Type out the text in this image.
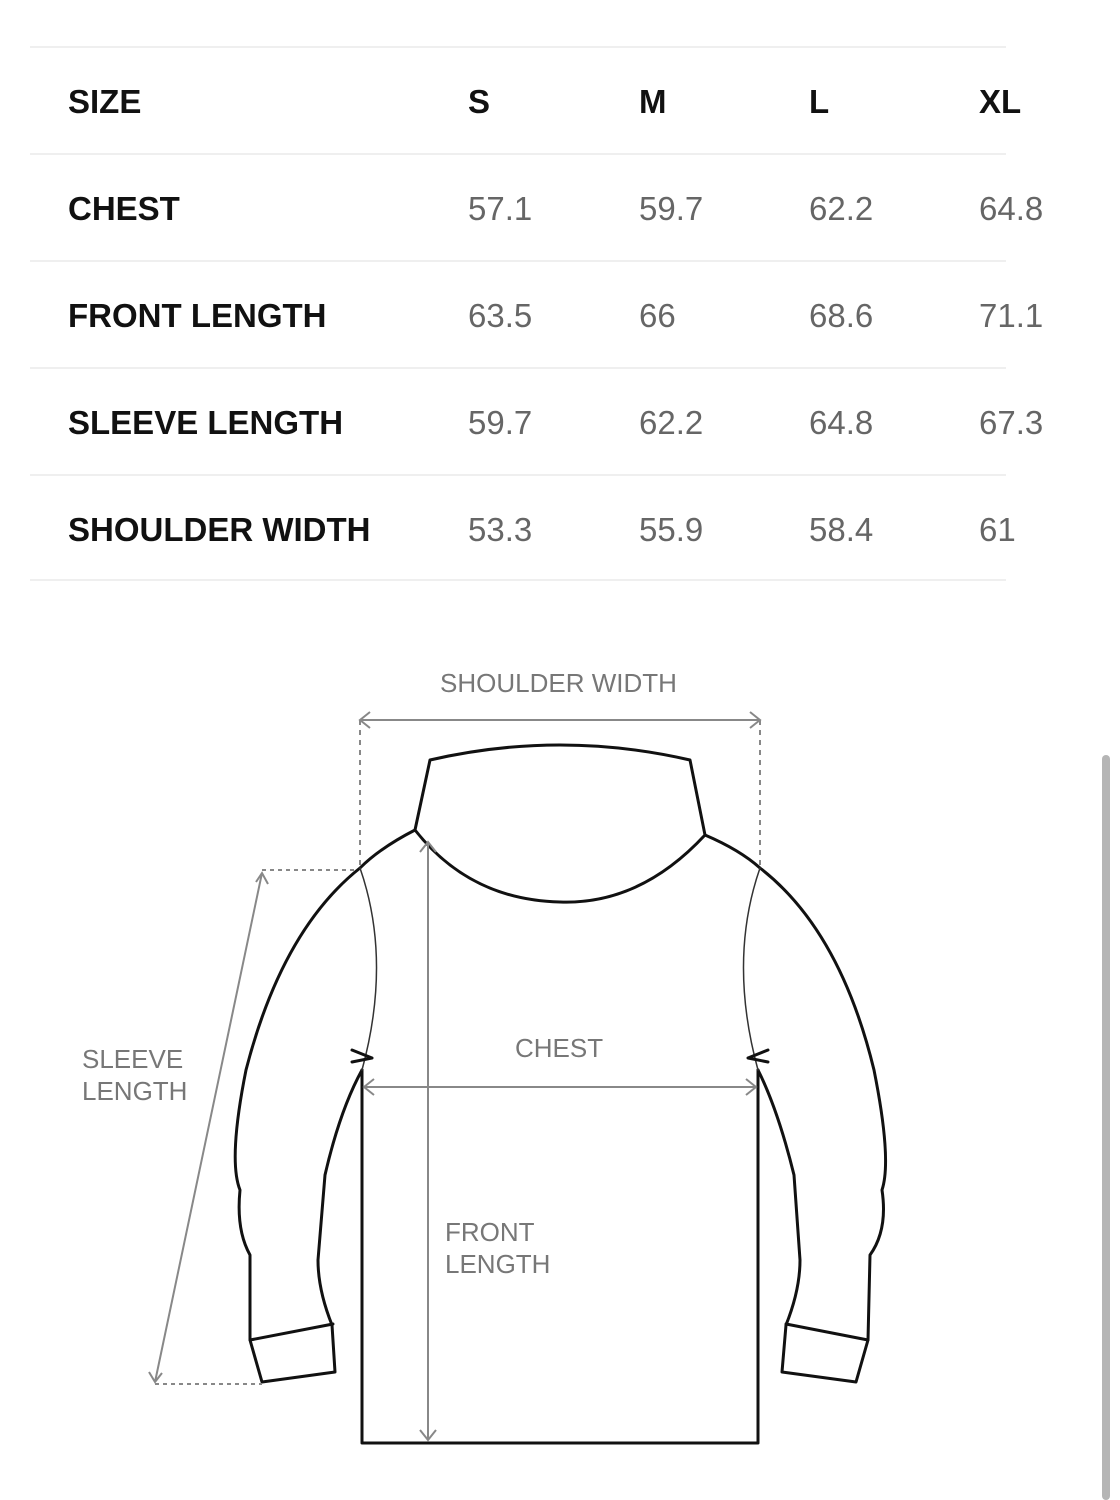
SIZE	S	M	L	XL
CHEST	57.1	59.7	62.2	64.8
FRONT LENGTH	63.5	66	68.6	71.1
SLEEVE LENGTH	59.7	62.2	64.8	67.3
SHOULDER WIDTH	53.3	55.9	58.4	61
SHOULDER WIDTH
CHEST
SLEEVE
LENGTH
FRONT
LENGTH
